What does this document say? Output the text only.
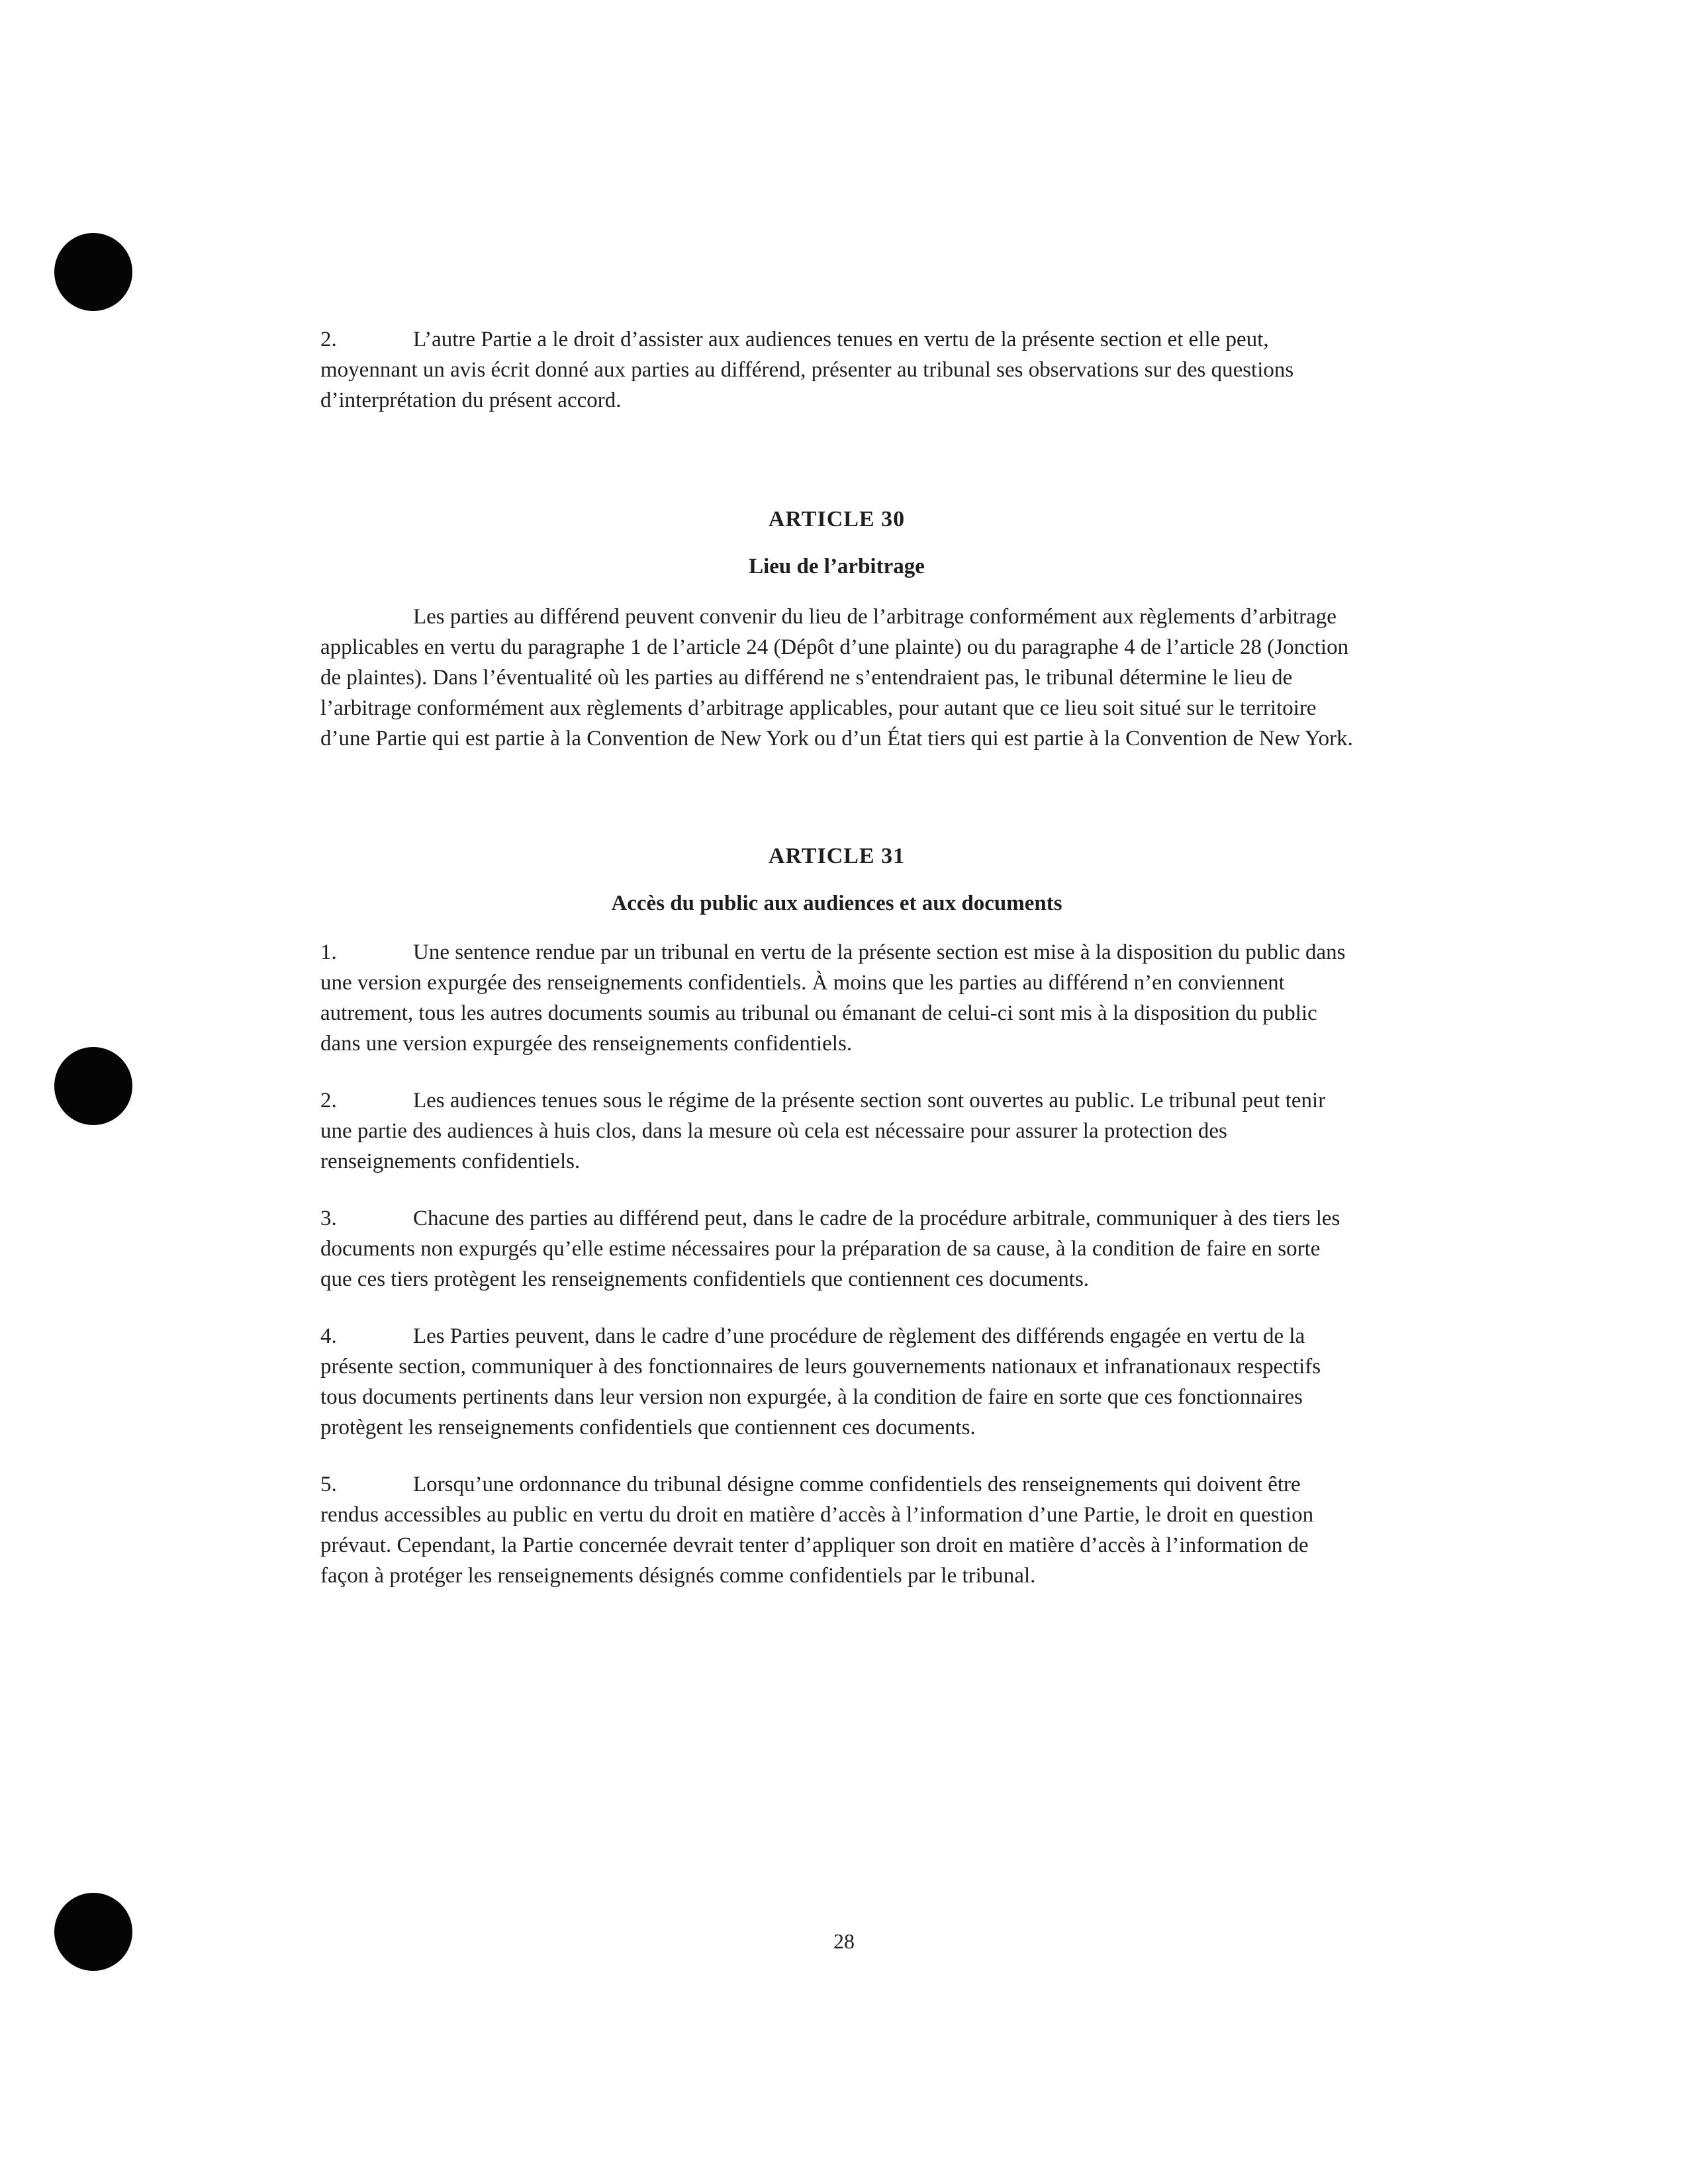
2.	L’autre Partie a le droit d’assister aux audiences tenues en vertu de la présente section et elle peut, moyennant un avis écrit donné aux parties au différend, présenter au tribunal ses observations sur des questions d’interprétation du présent accord.

ARTICLE 30
Lieu de l’arbitrage

Les parties au différend peuvent convenir du lieu de l’arbitrage conformément aux règlements d’arbitrage applicables en vertu du paragraphe 1 de l’article 24 (Dépôt d’une plainte) ou du paragraphe 4 de l’article 28 (Jonction de plaintes). Dans l’éventualité où les parties au différend ne s’entendraient pas, le tribunal détermine le lieu de l’arbitrage conformément aux règlements d’arbitrage applicables, pour autant que ce lieu soit situé sur le territoire d’une Partie qui est partie à la Convention de New York ou d’un État tiers qui est partie à la Convention de New York.

ARTICLE 31
Accès du public aux audiences et aux documents

1.	Une sentence rendue par un tribunal en vertu de la présente section est mise à la disposition du public dans une version expurgée des renseignements confidentiels. À moins que les parties au différend n’en conviennent autrement, tous les autres documents soumis au tribunal ou émanant de celui-ci sont mis à la disposition du public dans une version expurgée des renseignements confidentiels.

2.	Les audiences tenues sous le régime de la présente section sont ouvertes au public. Le tribunal peut tenir une partie des audiences à huis clos, dans la mesure où cela est nécessaire pour assurer la protection des renseignements confidentiels.

3.	Chacune des parties au différend peut, dans le cadre de la procédure arbitrale, communiquer à des tiers les documents non expurgés qu’elle estime nécessaires pour la préparation de sa cause, à la condition de faire en sorte que ces tiers protègent les renseignements confidentiels que contiennent ces documents.

4.	Les Parties peuvent, dans le cadre d’une procédure de règlement des différends engagée en vertu de la présente section, communiquer à des fonctionnaires de leurs gouvernements nationaux et infranationaux respectifs tous documents pertinents dans leur version non expurgée, à la condition de faire en sorte que ces fonctionnaires protègent les renseignements confidentiels que contiennent ces documents.

5.	Lorsqu’une ordonnance du tribunal désigne comme confidentiels des renseignements qui doivent être rendus accessibles au public en vertu du droit en matière d’accès à l’information d’une Partie, le droit en question prévaut. Cependant, la Partie concernée devrait tenter d’appliquer son droit en matière d’accès à l’information de façon à protéger les renseignements désignés comme confidentiels par le tribunal.

28
